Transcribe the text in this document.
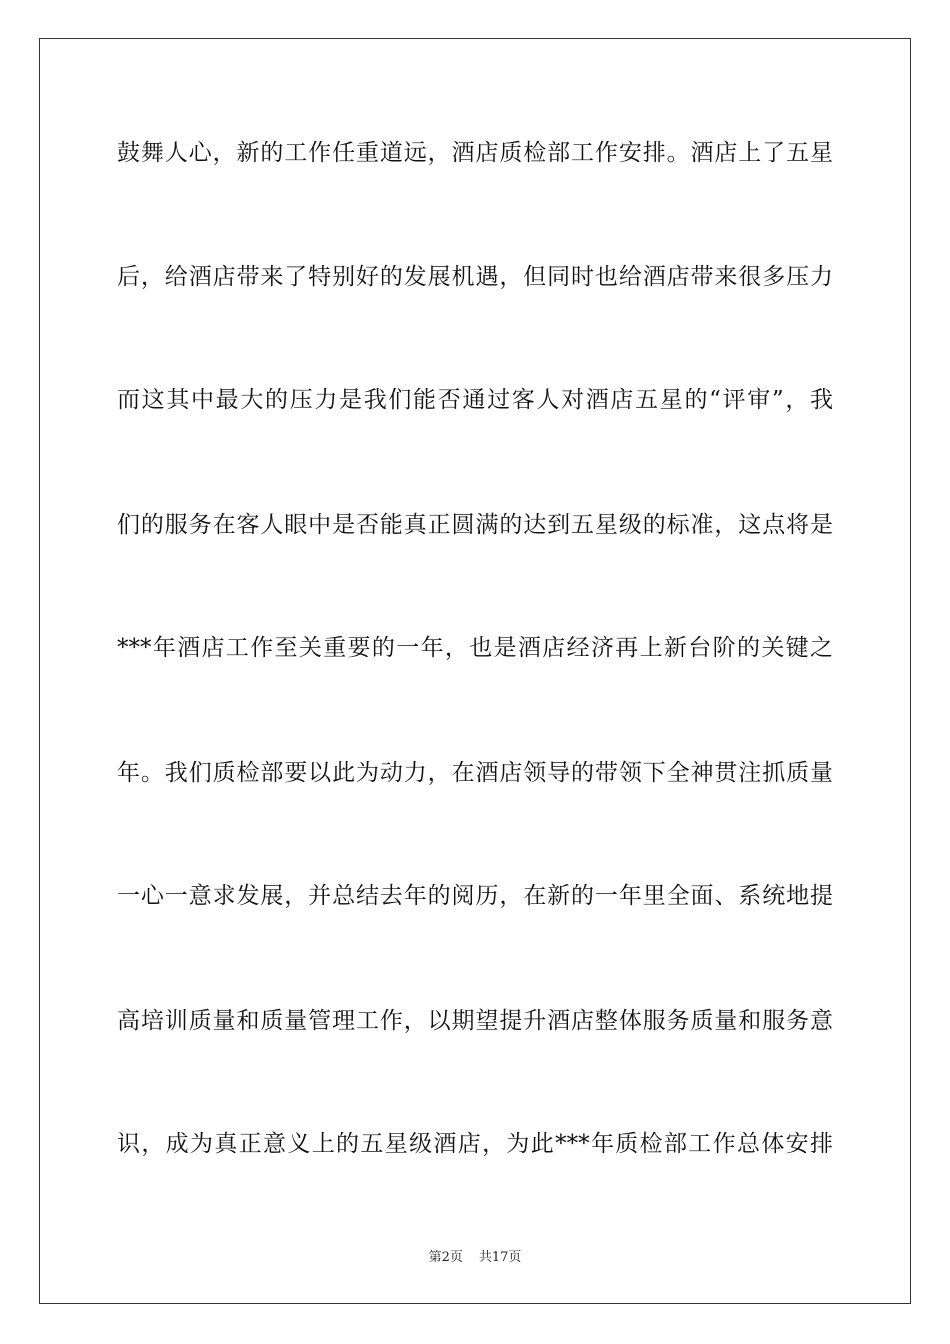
鼓舞人心，新的工作任重道远，酒店质检部工作安排。酒店上了五星
后，给酒店带来了特别好的发展机遇，但同时也给酒店带来很多压力
而这其中最大的压力是我们能否通过客人对酒店五星的“评审”，我
们的服务在客人眼中是否能真正圆满的达到五星级的标准，这点将是
***年酒店工作至关重要的一年，也是酒店经济再上新台阶的关键之
年。我们质检部要以此为动力，在酒店领导的带领下全神贯注抓质量
一心一意求发展，并总结去年的阅历，在新的一年里全面、系统地提
高培训质量和质量管理工作，以期望提升酒店整体服务质量和服务意
识，成为真正意义上的五星级酒店，为此***年质检部工作总体安排
第2页 共17页
